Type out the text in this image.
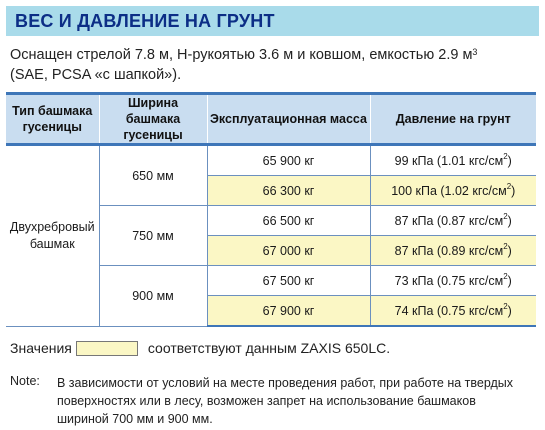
ВЕС И ДАВЛЕНИЕ НА ГРУНТ
Оснащен стрелой 7.8 м, Н-рукоятью 3.6 м и ковшом, емкостью 2.9 $м^3$
(SAE, PCSA «с шапкой»).
Тип башмака гусеницы	Ширина башмака гусеницы	Эксплуатационная масса	Давление на грунт
Двухребровый башмак	650 мм	65 900 кг	99 кПа (1.01 кгс/$см^2$)
		66 300 кг	100 кПа (1.02 кгс/$см^2$)
	750 мм	66 500 кг	87 кПа (0.87 кгс/$см^2$)
		67 000 кг	87 кПа (0.89 кгс/$см^2$)
	900 мм	67 500 кг	73 кПа (0.75 кгс/$см^2$)
		67 900 кг	74 кПа (0.75 кгс/$см^2$)
Значения	соответствуют данным ZAXIS 650LC.
Note: В зависимости от условий на месте проведения работ, при работе на твердых поверхностях или в лесу, возможен запрет на использование башмаков шириной 700 мм и 900 мм.
